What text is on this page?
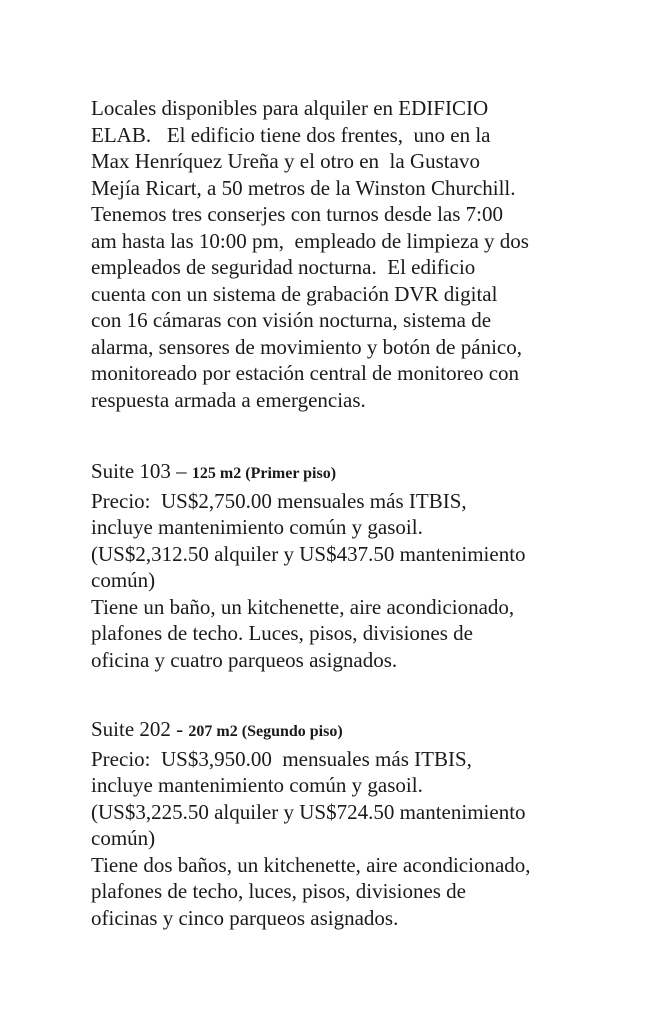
Locales disponibles para alquiler en EDIFICIO
ELAB.   El edificio tiene dos frentes,  uno en la
Max Henríquez Ureña y el otro en  la Gustavo
Mejía Ricart, a 50 metros de la Winston Churchill.
Tenemos tres conserjes con turnos desde las 7:00
am hasta las 10:00 pm,  empleado de limpieza y dos
empleados de seguridad nocturna.  El edificio
cuenta con un sistema de grabación DVR digital
con 16 cámaras con visión nocturna, sistema de
alarma, sensores de movimiento y botón de pánico,
monitoreado por estación central de monitoreo con
respuesta armada a emergencias.
Suite 103 – 125 m2 (Primer piso)
Precio:  US$2,750.00 mensuales más ITBIS,
incluye mantenimiento común y gasoil.
(US$2,312.50 alquiler y US$437.50 mantenimiento
común)
Tiene un baño, un kitchenette, aire acondicionado,
plafones de techo. Luces, pisos, divisiones de
oficina y cuatro parqueos asignados.
Suite 202 - 207 m2 (Segundo piso)
Precio:  US$3,950.00  mensuales más ITBIS,
incluye mantenimiento común y gasoil.
(US$3,225.50 alquiler y US$724.50 mantenimiento
común)
Tiene dos baños, un kitchenette, aire acondicionado,
plafones de techo, luces, pisos, divisiones de
oficinas y cinco parqueos asignados.
